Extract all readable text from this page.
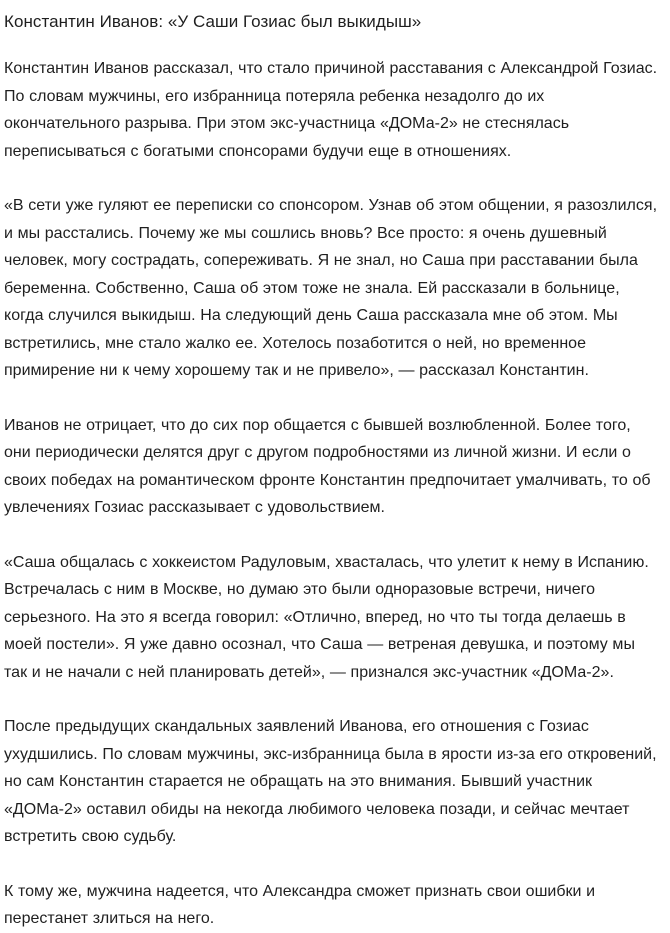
Константин Иванов: «У Саши Гозиас был выкидыш»

Константин Иванов рассказал, что стало причиной расставания с Александрой Гозиас. По словам мужчины, его избранница потеряла ребенка незадолго до их окончательного разрыва. При этом экс-участница «ДОМа-2» не стеснялась переписываться с богатыми спонсорами будучи еще в отношениях.

«В сети уже гуляют ее переписки со спонсором. Узнав об этом общении, я разозлился, и мы расстались. Почему же мы сошлись вновь? Все просто: я очень душевный человек, могу сострадать, сопереживать. Я не знал, но Саша при расставании была беременна. Собственно, Саша об этом тоже не знала. Ей рассказали в больнице, когда случился выкидыш. На следующий день Саша рассказала мне об этом. Мы встретились, мне стало жалко ее. Хотелось позаботится о ней, но временное примирение ни к чему хорошему так и не привело», — рассказал Константин.

Иванов не отрицает, что до сих пор общается с бывшей возлюбленной. Более того, они периодически делятся друг с другом подробностями из личной жизни. И если о своих победах на романтическом фронте Константин предпочитает умалчивать, то об увлечениях Гозиас рассказывает с удовольствием.

«Саша общалась с хоккеистом Радуловым, хвасталась, что улетит к нему в Испанию. Встречалась с ним в Москве, но думаю это были одноразовые встречи, ничего серьезного. На это я всегда говорил: «Отлично, вперед, но что ты тогда делаешь в моей постели». Я уже давно осознал, что Саша — ветреная девушка, и поэтому мы так и не начали с ней планировать детей», — признался экс-участник «ДОМа-2».

После предыдущих скандальных заявлений Иванова, его отношения с Гозиас ухудшились. По словам мужчины, экс-избранница была в ярости из-за его откровений, но сам Константин старается не обращать на это внимания. Бывший участник «ДОМа-2» оставил обиды на некогда любимого человека позади, и сейчас мечтает встретить свою судьбу.

К тому же, мужчина надеется, что Александра сможет признать свои ошибки и перестанет злиться на него.
